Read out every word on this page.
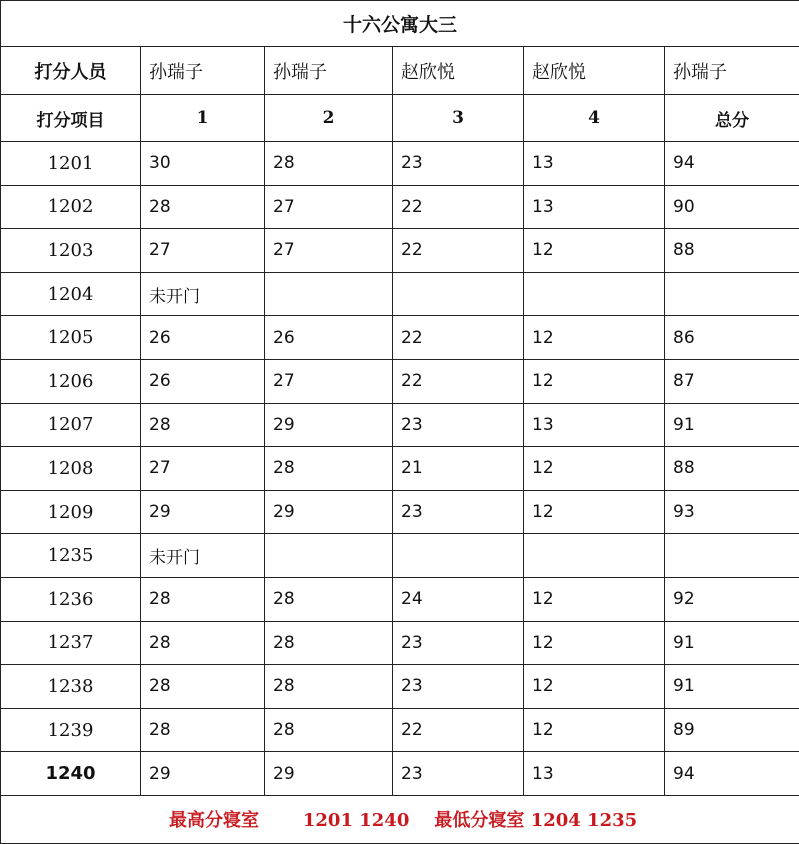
十六公寓大三					
打分人员	孙瑞子	孙瑞子	赵欣悦	赵欣悦	孙瑞子
打分项目	1	2	3	4	总分
1201	30	28	23	13	94
1202	28	27	22	13	90
1203	27	27	22	12	88
1204	未开门				
1205	26	26	22	12	86
1206	26	27	22	12	87
1207	28	29	23	13	91
1208	27	28	21	12	88
1209	29	29	23	12	93
1235	未开门				
1236	28	28	24	12	92
1237	28	28	23	12	91
1238	28	28	23	12	91
1239	28	28	22	12	89
1240	29	29	23	13	94

最高分寝室 1201 1240 最低分寝室 1204 1235					
